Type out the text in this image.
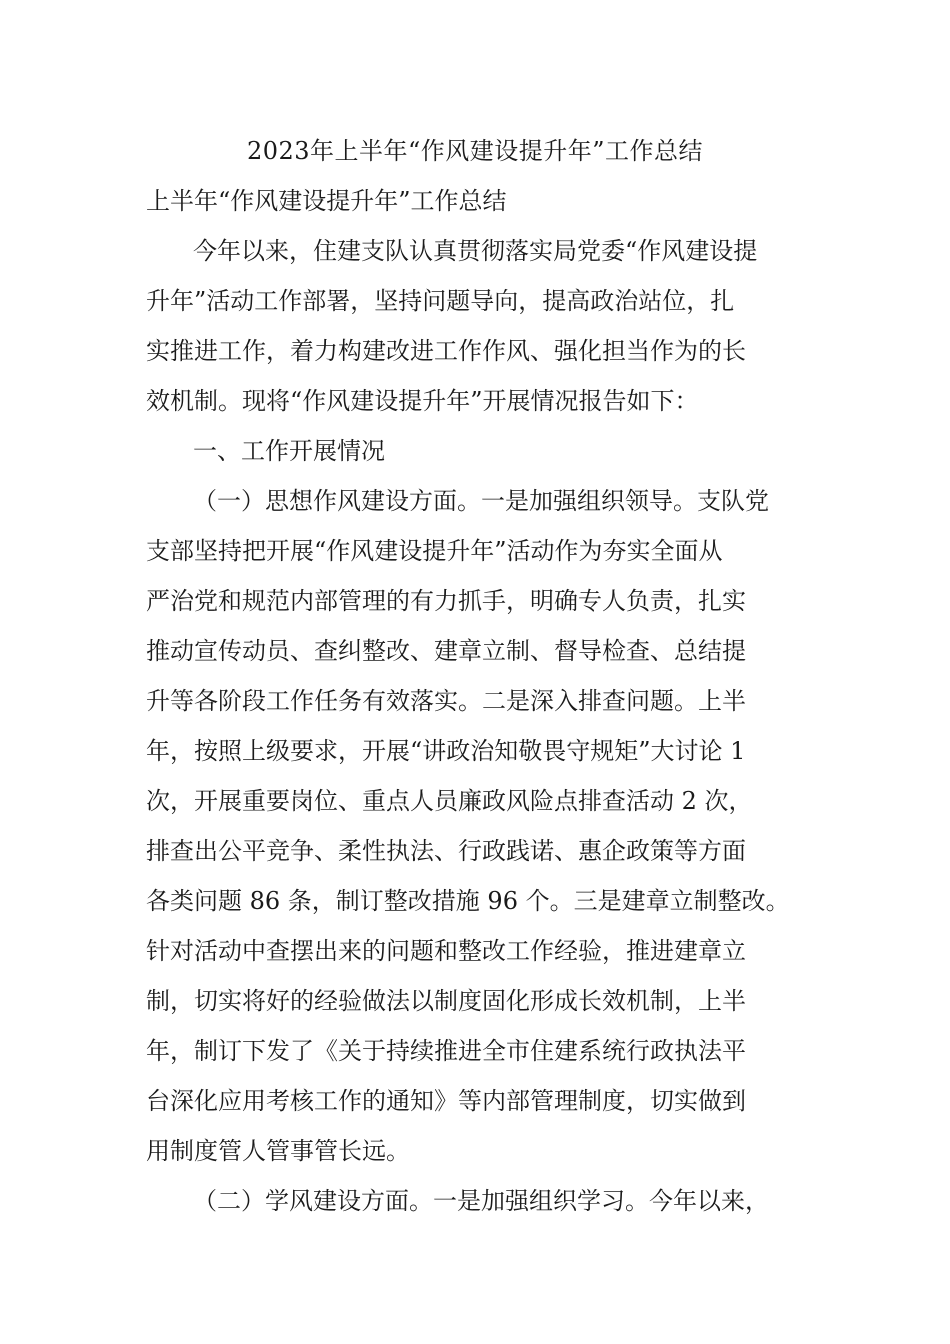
2023年上半年“作风建设提升年”工作总结
上半年“作风建设提升年”工作总结
今年以来，住建支队认真贯彻落实局党委“作风建设提
升年”活动工作部署，坚持问题导向，提高政治站位，扎
实推进工作，着力构建改进工作作风、强化担当作为的长
效机制。现将“作风建设提升年”开展情况报告如下：
一、工作开展情况
（一）思想作风建设方面。一是加强组织领导。支队党
支部坚持把开展“作风建设提升年”活动作为夯实全面从
严治党和规范内部管理的有力抓手，明确专人负责，扎实
推动宣传动员、查纠整改、建章立制、督导检查、总结提
升等各阶段工作任务有效落实。二是深入排查问题。上半
年，按照上级要求，开展“讲政治知敬畏守规矩”大讨论 1
次，开展重要岗位、重点人员廉政风险点排查活动 2 次，
排查出公平竞争、柔性执法、行政践诺、惠企政策等方面
各类问题 86 条，制订整改措施 96 个。三是建章立制整改。
针对活动中查摆出来的问题和整改工作经验，推进建章立
制，切实将好的经验做法以制度固化形成长效机制，上半
年，制订下发了《关于持续推进全市住建系统行政执法平
台深化应用考核工作的通知》等内部管理制度，切实做到
用制度管人管事管长远。
（二）学风建设方面。一是加强组织学习。今年以来，
